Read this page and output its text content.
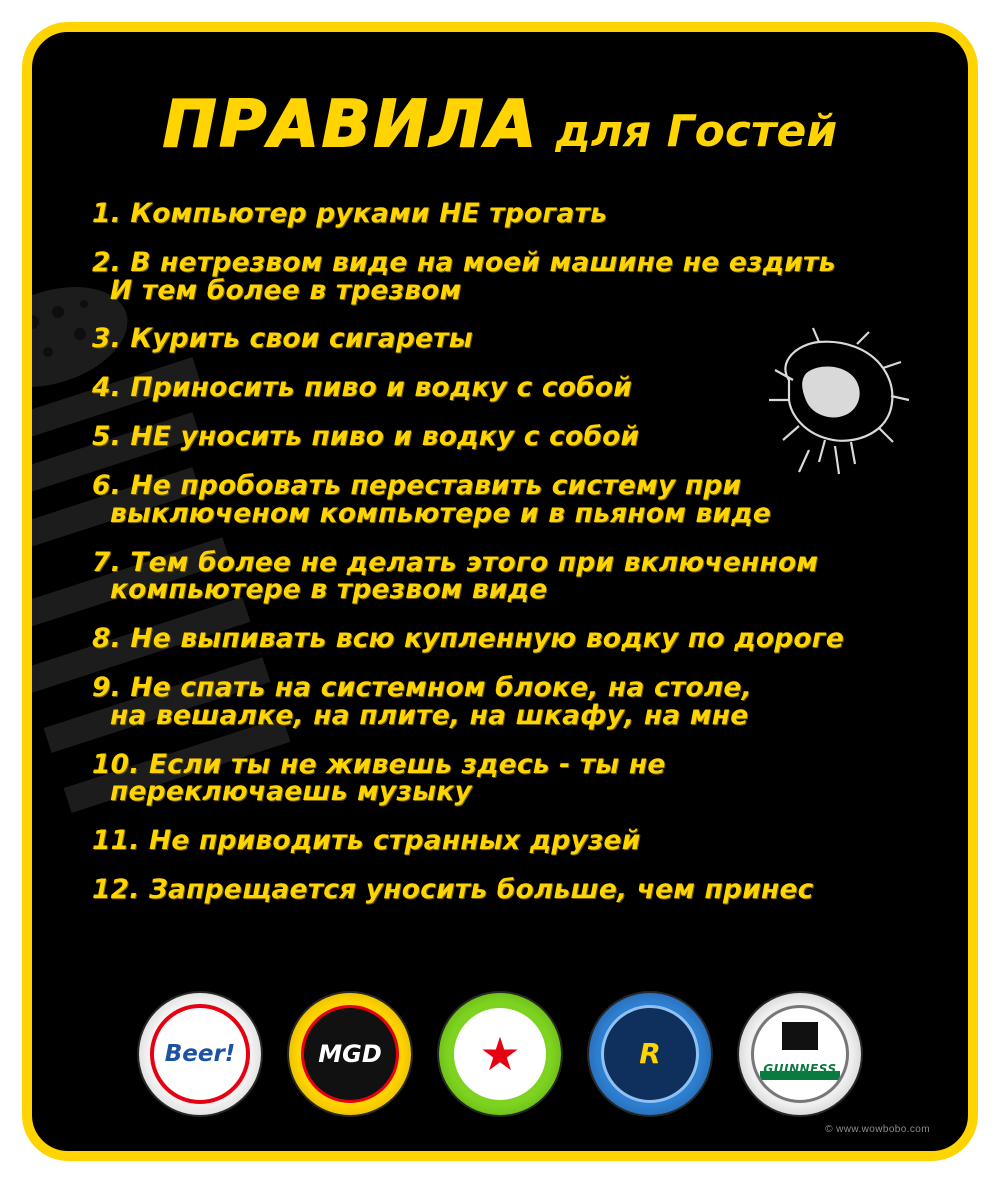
ПРАВИЛА для Гостей
1. Компьютер руками НЕ трогать
2. В нетрезвом виде на моей машине не ездить
И тем более в трезвом
3. Курить свои сигареты
4. Приносить пиво и водку с собой
5. НЕ уносить пиво и водку с собой
6. Не пробовать переставить систему при
выключеном компьютере и в пьяном виде
7. Тем более не делать этого при включенном
компьютере в трезвом виде
8. Не выпивать всю купленную водку по дороге
9. Не спать на системном блоке, на столе,
на вешалке, на плите, на шкафу, на мне
10. Если ты не живешь здесь - ты не
переключаешь музыку
11. Не приводить странных друзей
12. Запрещается уносить больше, чем принес
Beer!	MGD	★	R	GUINNESS
© www.wowbobo.com
